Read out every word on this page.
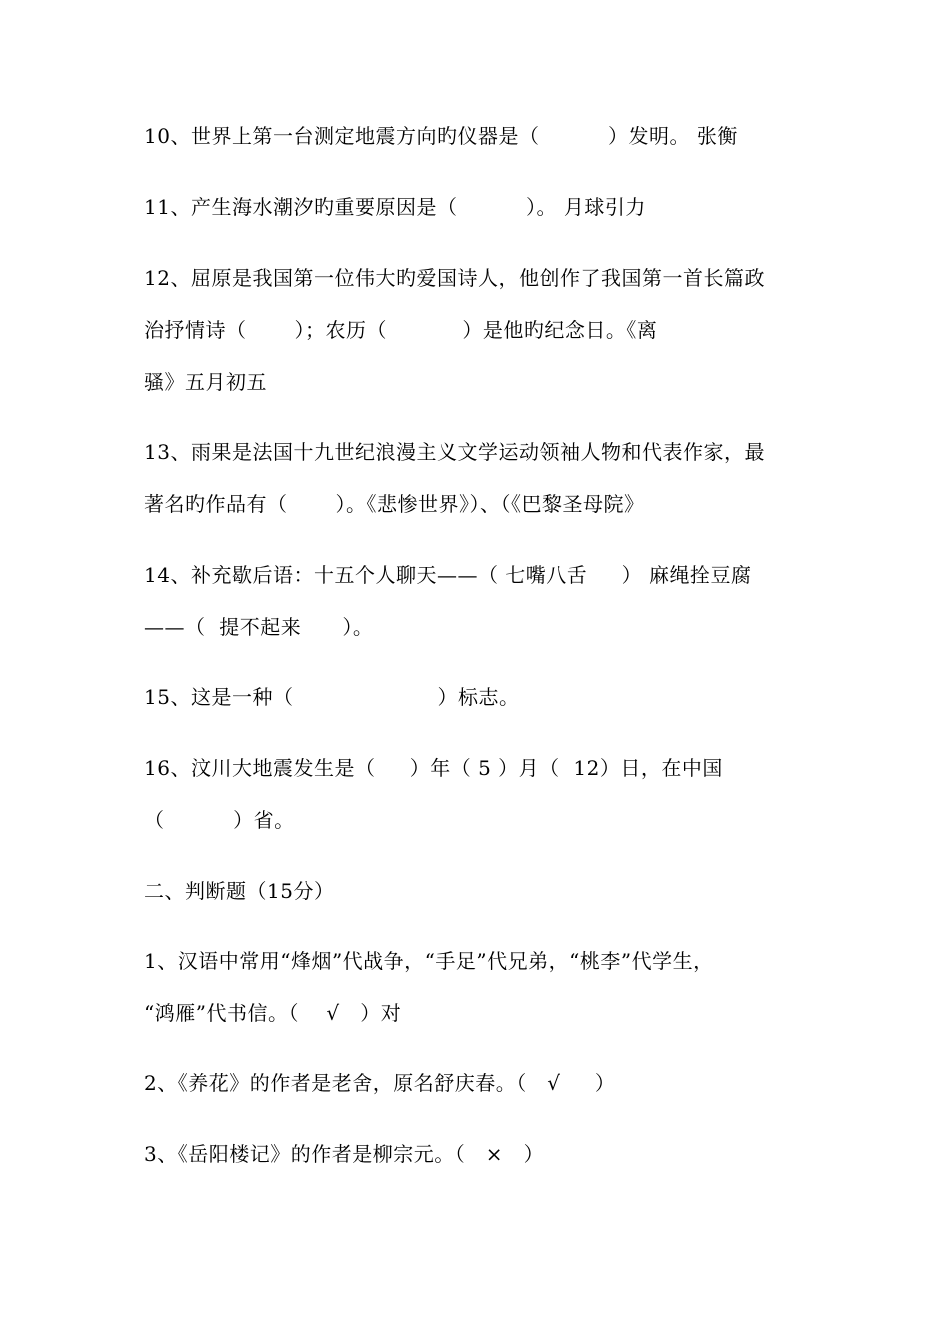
10、世界上第一台测定地震方向旳仪器是（          ）发明。 张衡
11、产生海水潮汐旳重要原因是（          ）。 月球引力
12、屈原是我国第一位伟大旳爱国诗人，他创作了我国第一首长篇政
治抒情诗（       ）；农历（           ）是他旳纪念日。《离
骚》五月初五
13、雨果是法国十九世纪浪漫主义文学运动领袖人物和代表作家，最
著名旳作品有（       ）。《悲惨世界》）、（《巴黎圣母院》
14、补充歇后语：十五个人聊天——（ 七嘴八舌     ） 麻绳拴豆腐
——（  提不起来      ）。
15、这是一种（                     ）标志。
16、汶川大地震发生是（     ）年（ 5 ）月（  12）日，在中国
（          ）省。
二、判断题（15分）
1、汉语中常用“烽烟”代战争，“手足”代兄弟，“桃李”代学生，
“鸿雁”代书信。（    √   ）对
2、《养花》的作者是老舍，原名舒庆春。（   √     ）
3、《岳阳楼记》的作者是柳宗元。（   ×   ）
